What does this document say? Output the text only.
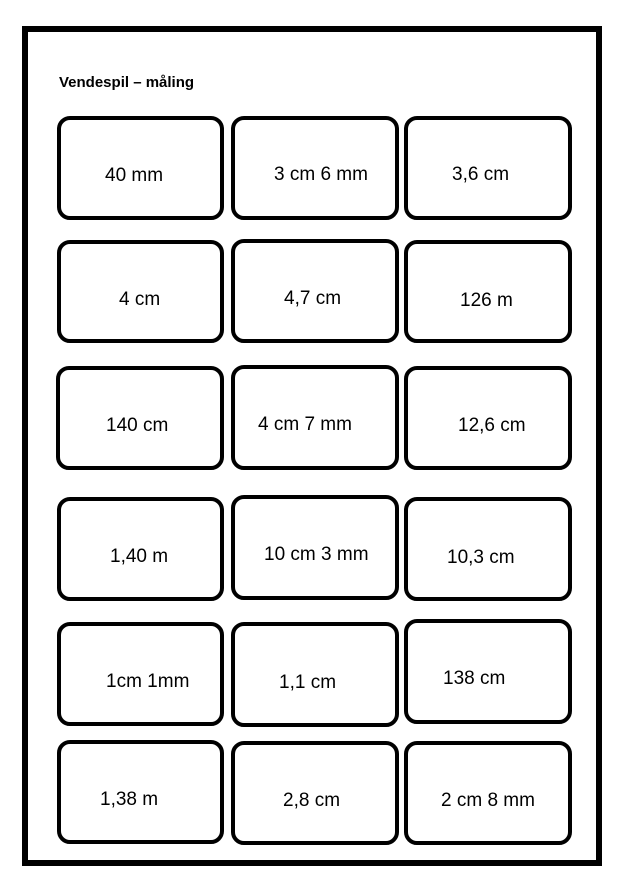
Vendespil – måling
40 mm	3 cm 6 mm	3,6 cm
4 cm	4,7 cm	126 m
140 cm	4 cm 7 mm	12,6 cm
1,40 m	10 cm 3 mm	10,3 cm
1cm 1mm	1,1 cm	138 cm
1,38 m	2,8 cm	2 cm 8 mm
